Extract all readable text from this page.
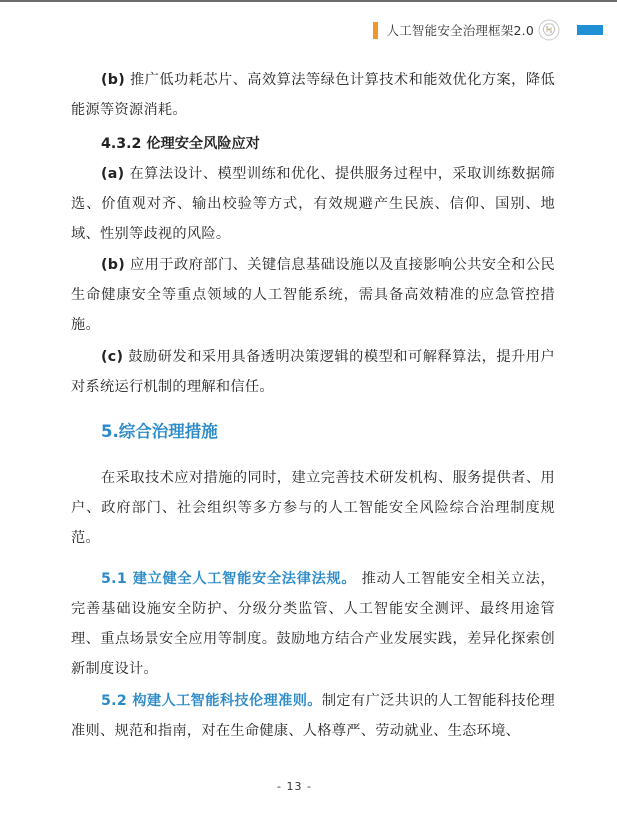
人工智能安全治理框架2.0

(b) 推广低功耗芯片、高效算法等绿色计算技术和能效优化方案，降低能源等资源消耗。

4.3.2 伦理安全风险应对

(a) 在算法设计、模型训练和优化、提供服务过程中，采取训练数据筛选、价值观对齐、输出校验等方式，有效规避产生民族、信仰、国别、地域、性别等歧视的风险。

(b) 应用于政府部门、关键信息基础设施以及直接影响公共安全和公民生命健康安全等重点领域的人工智能系统，需具备高效精准的应急管控措施。

(c) 鼓励研发和采用具备透明决策逻辑的模型和可解释算法，提升用户对系统运行机制的理解和信任。

5.综合治理措施

在采取技术应对措施的同时，建立完善技术研发机构、服务提供者、用户、政府部门、社会组织等多方参与的人工智能安全风险综合治理制度规范。

5.1 建立健全人工智能安全法律法规。 推动人工智能安全相关立法，完善基础设施安全防护、分级分类监管、人工智能安全测评、最终用途管理、重点场景安全应用等制度。鼓励地方结合产业发展实践，差异化探索创新制度设计。

5.2 构建人工智能科技伦理准则。制定有广泛共识的人工智能科技伦理准则、规范和指南，对在生命健康、人格尊严、劳动就业、生态环境、

- 13 -
